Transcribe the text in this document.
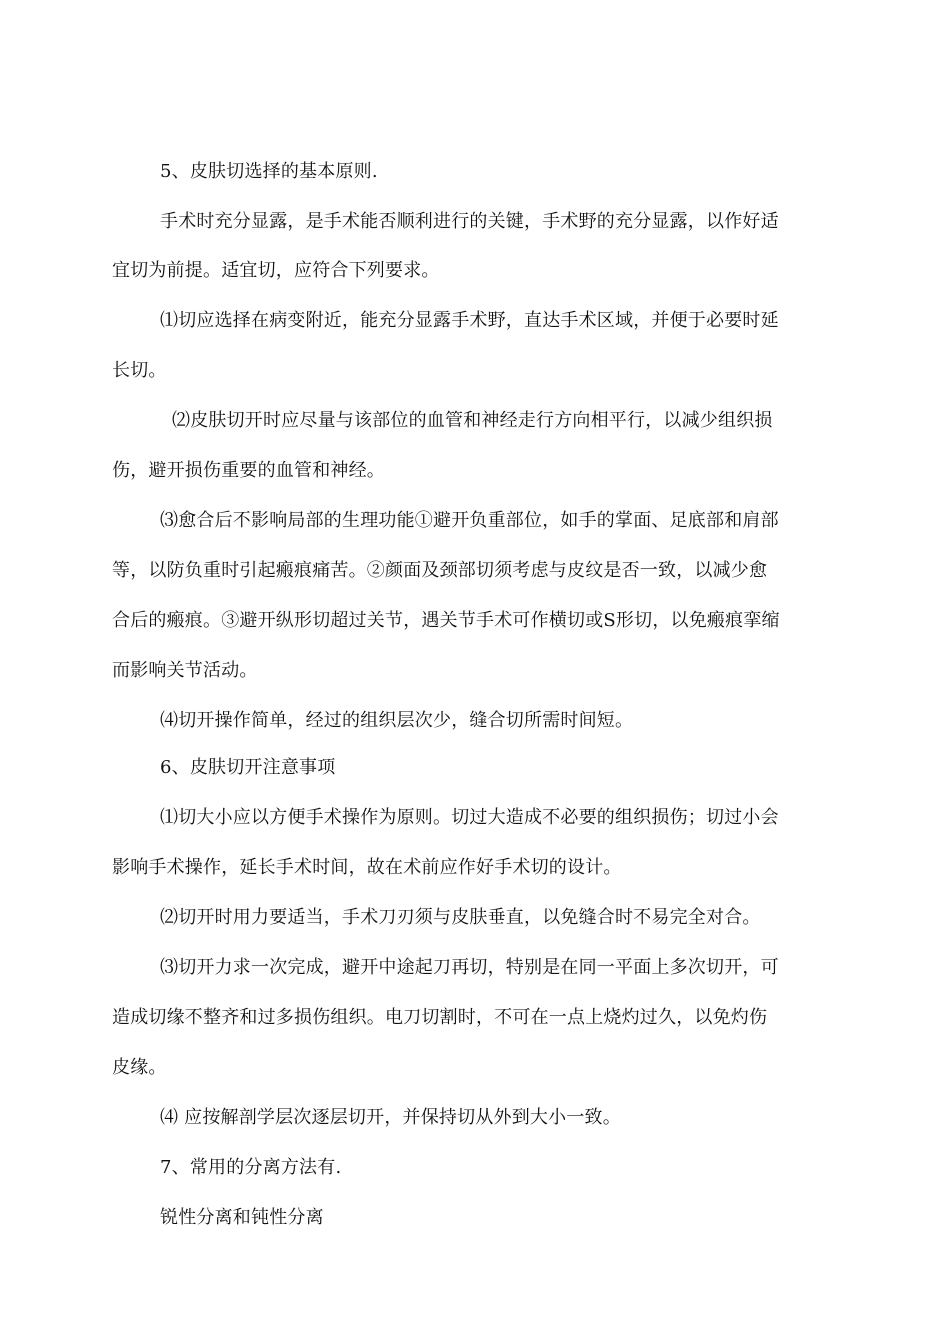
5、皮肤切选择的基本原则.
手术时充分显露，是手术能否顺利进行的关键，手术野的充分显露，以作好适
宜切为前提。适宜切，应符合下列要求。
⑴切应选择在病变附近，能充分显露手术野，直达手术区域，并便于必要时延
长切。
⑵皮肤切开时应尽量与该部位的血管和神经走行方向相平行，以减少组织损
伤，避开损伤重要的血管和神经。
⑶愈合后不影响局部的生理功能①避开负重部位，如手的掌面、足底部和肩部
等，以防负重时引起瘢痕痛苦。②颜面及颈部切须考虑与皮纹是否一致，以减少愈
合后的瘢痕。③避开纵形切超过关节，遇关节手术可作横切或S形切，以免瘢痕挛缩
而影响关节活动。
⑷切开操作简单，经过的组织层次少，缝合切所需时间短。
6、皮肤切开注意事项
⑴切大小应以方便手术操作为原则。切过大造成不必要的组织损伤；切过小会
影响手术操作，延长手术时间，故在术前应作好手术切的设计。
⑵切开时用力要适当，手术刀刃须与皮肤垂直，以免缝合时不易完全对合。
⑶切开力求一次完成，避开中途起刀再切，特别是在同一平面上多次切开，可
造成切缘不整齐和过多损伤组织。电刀切割时，不可在一点上烧灼过久，以免灼伤
皮缘。
⑷ 应按解剖学层次逐层切开，并保持切从外到大小一致。
7、常用的分离方法有.
锐性分离和钝性分离
